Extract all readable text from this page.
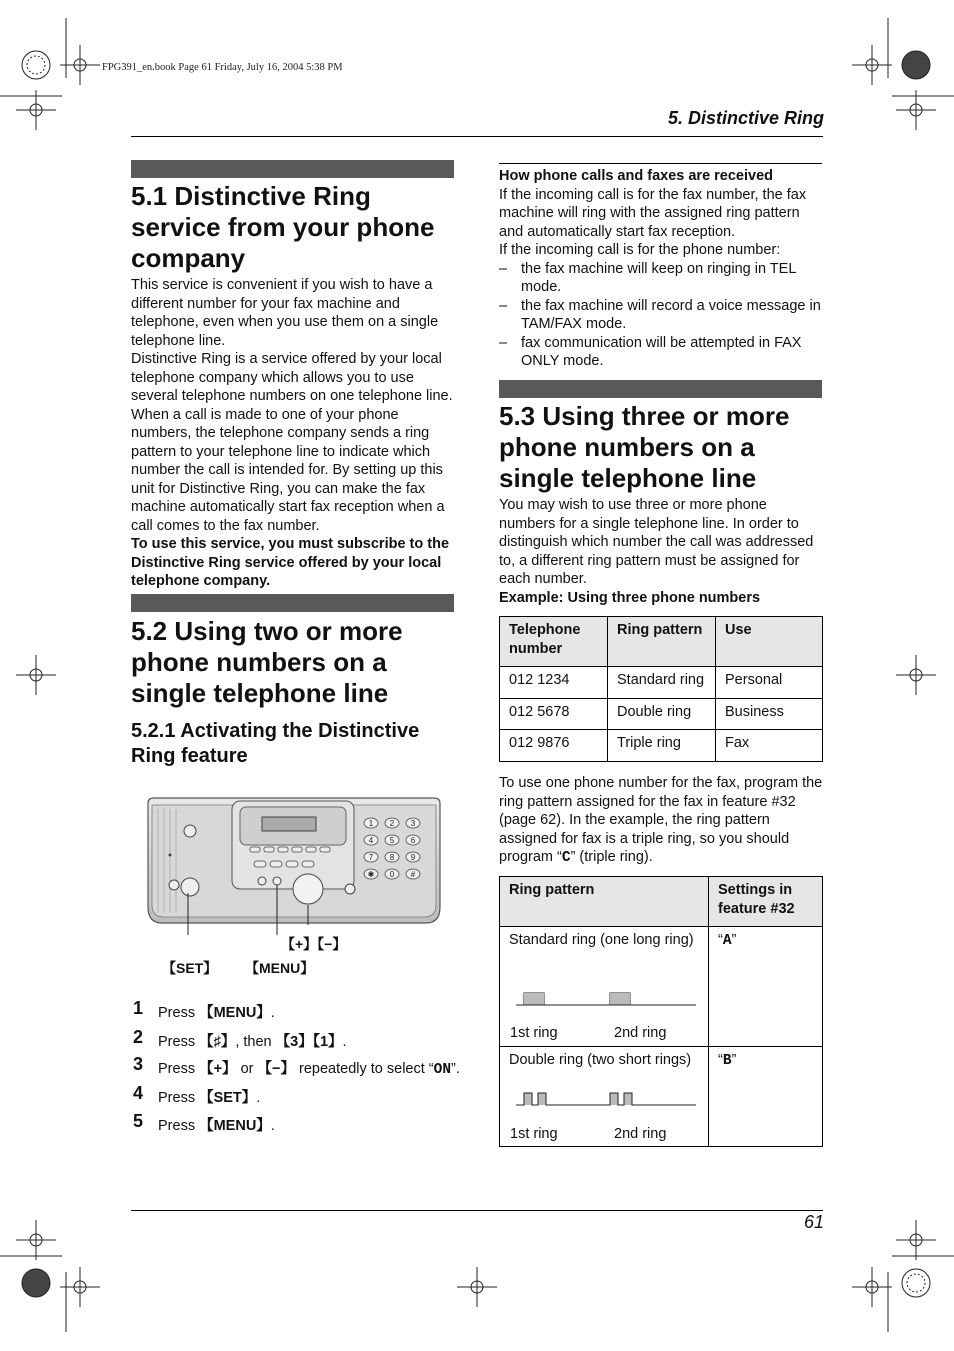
FPG391_en.book Page 61 Friday, July 16, 2004 5:38 PM
5. Distinctive Ring
5.1 Distinctive Ring service from your phone company

This service is convenient if you wish to have a different number for your fax machine and telephone, even when you use them on a single telephone line.

Distinctive Ring is a service offered by your local telephone company which allows you to use several telephone numbers on one telephone line. When a call is made to one of your phone numbers, the telephone company sends a ring pattern to your telephone line to indicate which number the call is intended for. By setting up this unit for Distinctive Ring, you can make the fax machine automatically start fax reception when a call comes to the fax number.

To use this service, you must subscribe to the Distinctive Ring service offered by your local telephone company.

5.2 Using two or more phone numbers on a single telephone line
5.2.1 Activating the Distinctive Ring feature
1 2 3
4 5 6
7 8 9
✱ 0 #
【+】【−】
【SET】 【MENU】
1 Press 【MENU】.
2 Press 【♯】, then 【3】【1】.
3 Press 【+】 or 【−】 repeatedly to select “ON”.
4 Press 【SET】.
5 Press 【MENU】.

How phone calls and faxes are received

If the incoming call is for the fax number, the fax machine will ring with the assigned ring pattern and automatically start fax reception.

If the incoming call is for the phone number:

– the fax machine will keep on ringing in TEL mode.
– the fax machine will record a voice message in TAM/FAX mode.
– fax communication will be attempted in FAX ONLY mode.
5.3 Using three or more phone numbers on a single telephone line

You may wish to use three or more phone numbers for a single telephone line. In order to distinguish which number the call was addressed to, a different ring pattern must be assigned for each number.

Example: Using three phone numbers

Telephone number	Ring pattern	Use
012 1234	Standard ring	Personal
012 5678	Double ring	Business
012 9876	Triple ring	Fax

To use one phone number for the fax, program the ring pattern assigned for the fax in feature #32 (page 62). In the example, the ring pattern assigned for fax is a triple ring, so you should program “C” (triple ring).

Ring pattern	Settings in feature #32

Standard ring (one long ring)
1st ring 2nd ring	“A”

Double ring (two short rings)
1st ring 2nd ring	“B”
61
